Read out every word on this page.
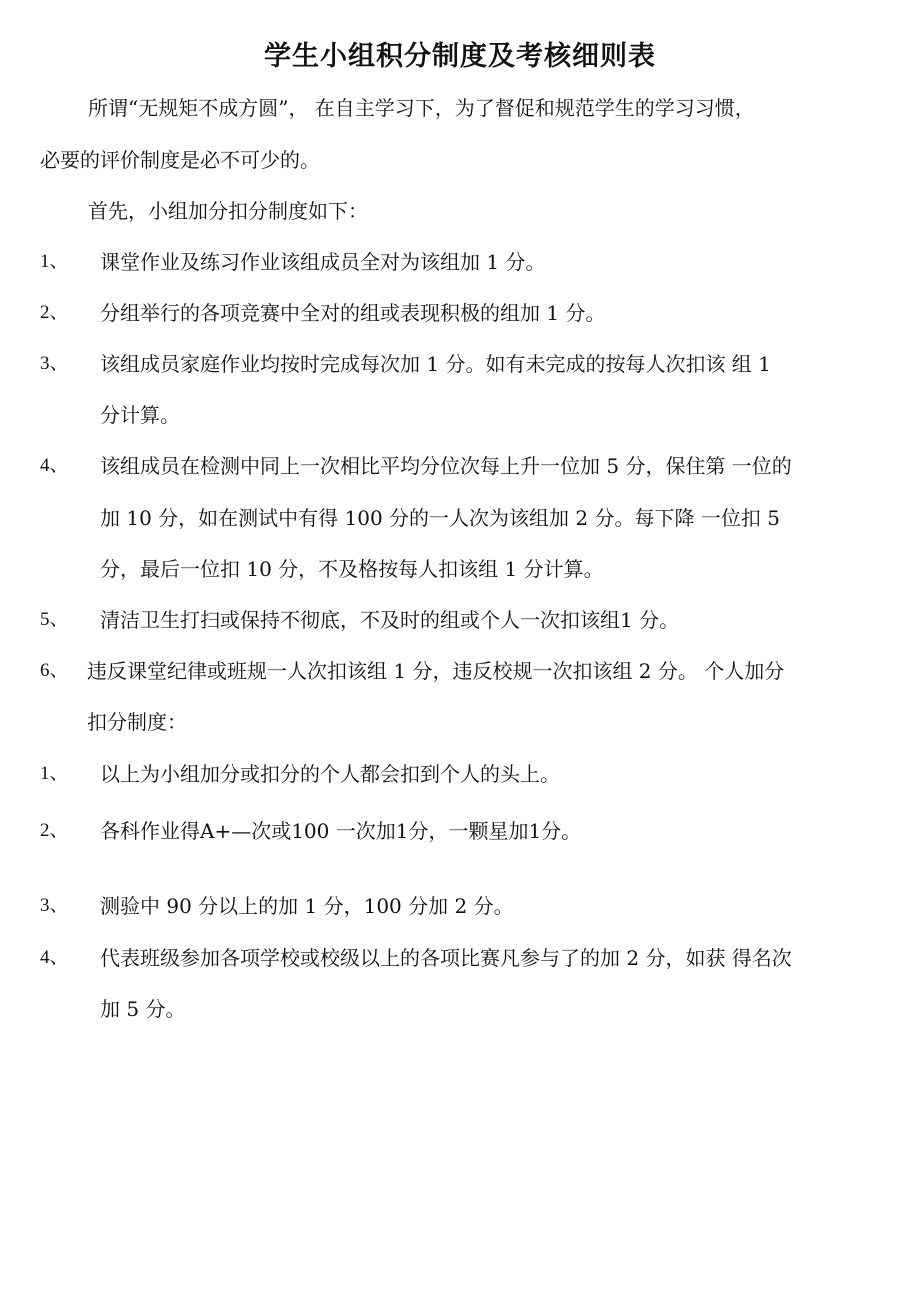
学生小组积分制度及考核细则表
所谓“无规矩不成方圆”， 在自主学习下，为了督促和规范学生的学习习惯，
必要的评价制度是必不可少的。
首先，小组加分扣分制度如下：
1、 课堂作业及练习作业该组成员全对为该组加 1 分。
2、 分组举行的各项竞赛中全对的组或表现积极的组加 1 分。
3、 该组成员家庭作业均按时完成每次加 1 分。如有未完成的按每人次扣该 组 1
分计算。
4、 该组成员在检测中同上一次相比平均分位次每上升一位加 5 分，保住第 一位的
加 10 分，如在测试中有得 100 分的一人次为该组加 2 分。每下降 一位扣 5
分，最后一位扣 10 分，不及格按每人扣该组 1 分计算。
5、 清洁卫生打扫或保持不彻底，不及时的组或个人一次扣该组1 分。
6、 违反课堂纪律或班规一人次扣该组 1 分，违反校规一次扣该组 2 分。 个人加分
扣分制度：
1、 以上为小组加分或扣分的个人都会扣到个人的头上。
2、 各科作业得A+—次或100 一次加1分，一颗星加1分。
3、 测验中 90 分以上的加 1 分，100 分加 2 分。
4、 代表班级参加各项学校或校级以上的各项比赛凡参与了的加 2 分，如获 得名次
加 5 分。
